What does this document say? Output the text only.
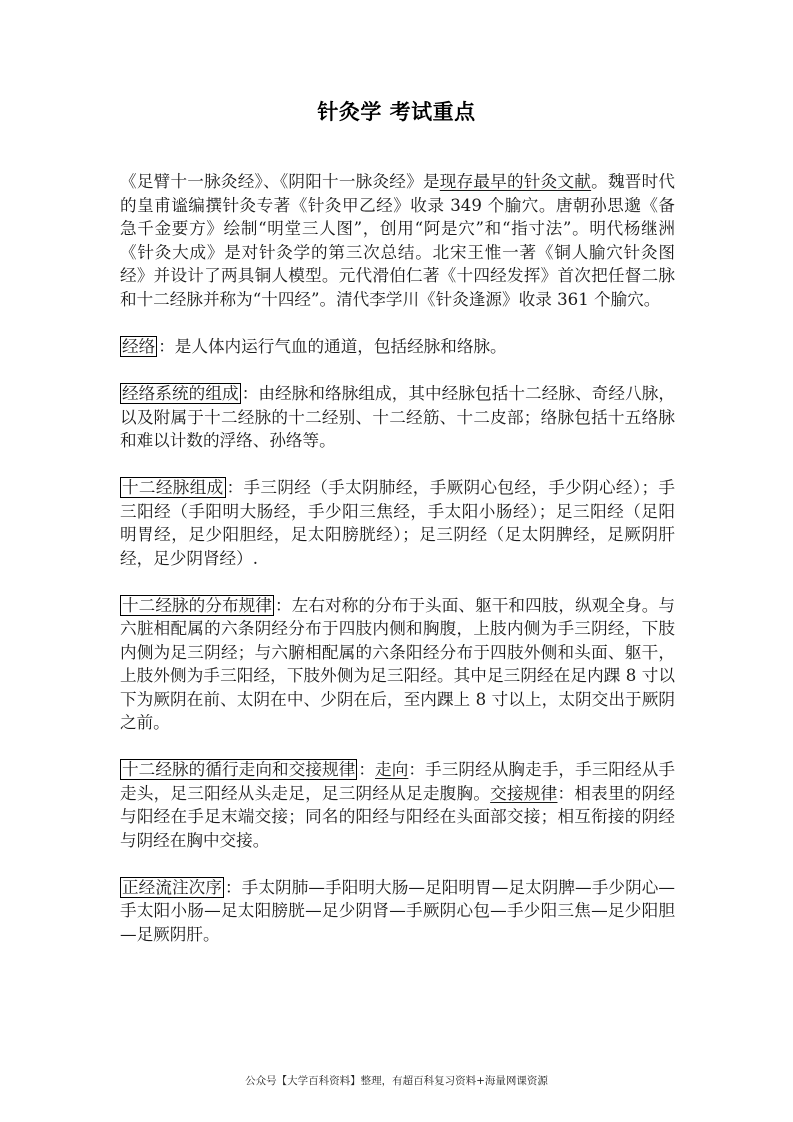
针灸学 考试重点

《足臂十一脉灸经》、《阴阳十一脉灸经》是现存最早的针灸文献。魏晋时代的皇甫谧编撰针灸专著《针灸甲乙经》收录 349 个腧穴。唐朝孙思邈《备急千金要方》绘制“明堂三人图”，创用“阿是穴”和“指寸法”。明代杨继洲《针灸大成》是对针灸学的第三次总结。北宋王惟一著《铜人腧穴针灸图经》并设计了两具铜人模型。元代滑伯仁著《十四经发挥》首次把任督二脉和十二经脉并称为“十四经”。清代李学川《针灸逢源》收录 361 个腧穴。

经络 ：是人体内运行气血的通道，包括经脉和络脉。

经络系统的组成 ：由经脉和络脉组成，其中经脉包括十二经脉、奇经八脉，以及附属于十二经脉的十二经别、十二经筋、十二皮部；络脉包括十五络脉和难以计数的浮络、孙络等。

十二经脉组成 ：手三阴经（手太阴肺经，手厥阴心包经，手少阴心经）；手三阳经（手阳明大肠经，手少阳三焦经，手太阳小肠经）；足三阳经（足阳明胃经，足少阳胆经，足太阳膀胱经）；足三阴经（足太阴脾经，足厥阴肝经，足少阴肾经）.

十二经脉的分布规律 ：左右对称的分布于头面、躯干和四肢，纵观全身。与六脏相配属的六条阴经分布于四肢内侧和胸腹，上肢内侧为手三阴经，下肢内侧为足三阴经；与六腑相配属的六条阳经分布于四肢外侧和头面、躯干，上肢外侧为手三阳经，下肢外侧为足三阳经。其中足三阴经在足内踝 8 寸以下为厥阴在前、太阴在中、少阴在后，至内踝上 8 寸以上，太阴交出于厥阴之前。

十二经脉的循行走向和交接规律 ：走向：手三阴经从胸走手，手三阳经从手走头，足三阳经从头走足，足三阴经从足走腹胸。交接规律：相表里的阴经与阳经在手足末端交接；同名的阳经与阳经在头面部交接；相互衔接的阴经与阴经在胸中交接。

正经流注次序 ：手太阴肺—手阳明大肠—足阳明胃—足太阴脾—手少阴心—手太阳小肠—足太阳膀胱—足少阴肾—手厥阴心包—手少阳三焦—足少阳胆—足厥阴肝。

公众号【大学百科资料】整理，有超百科复习资料+海量网课资源
